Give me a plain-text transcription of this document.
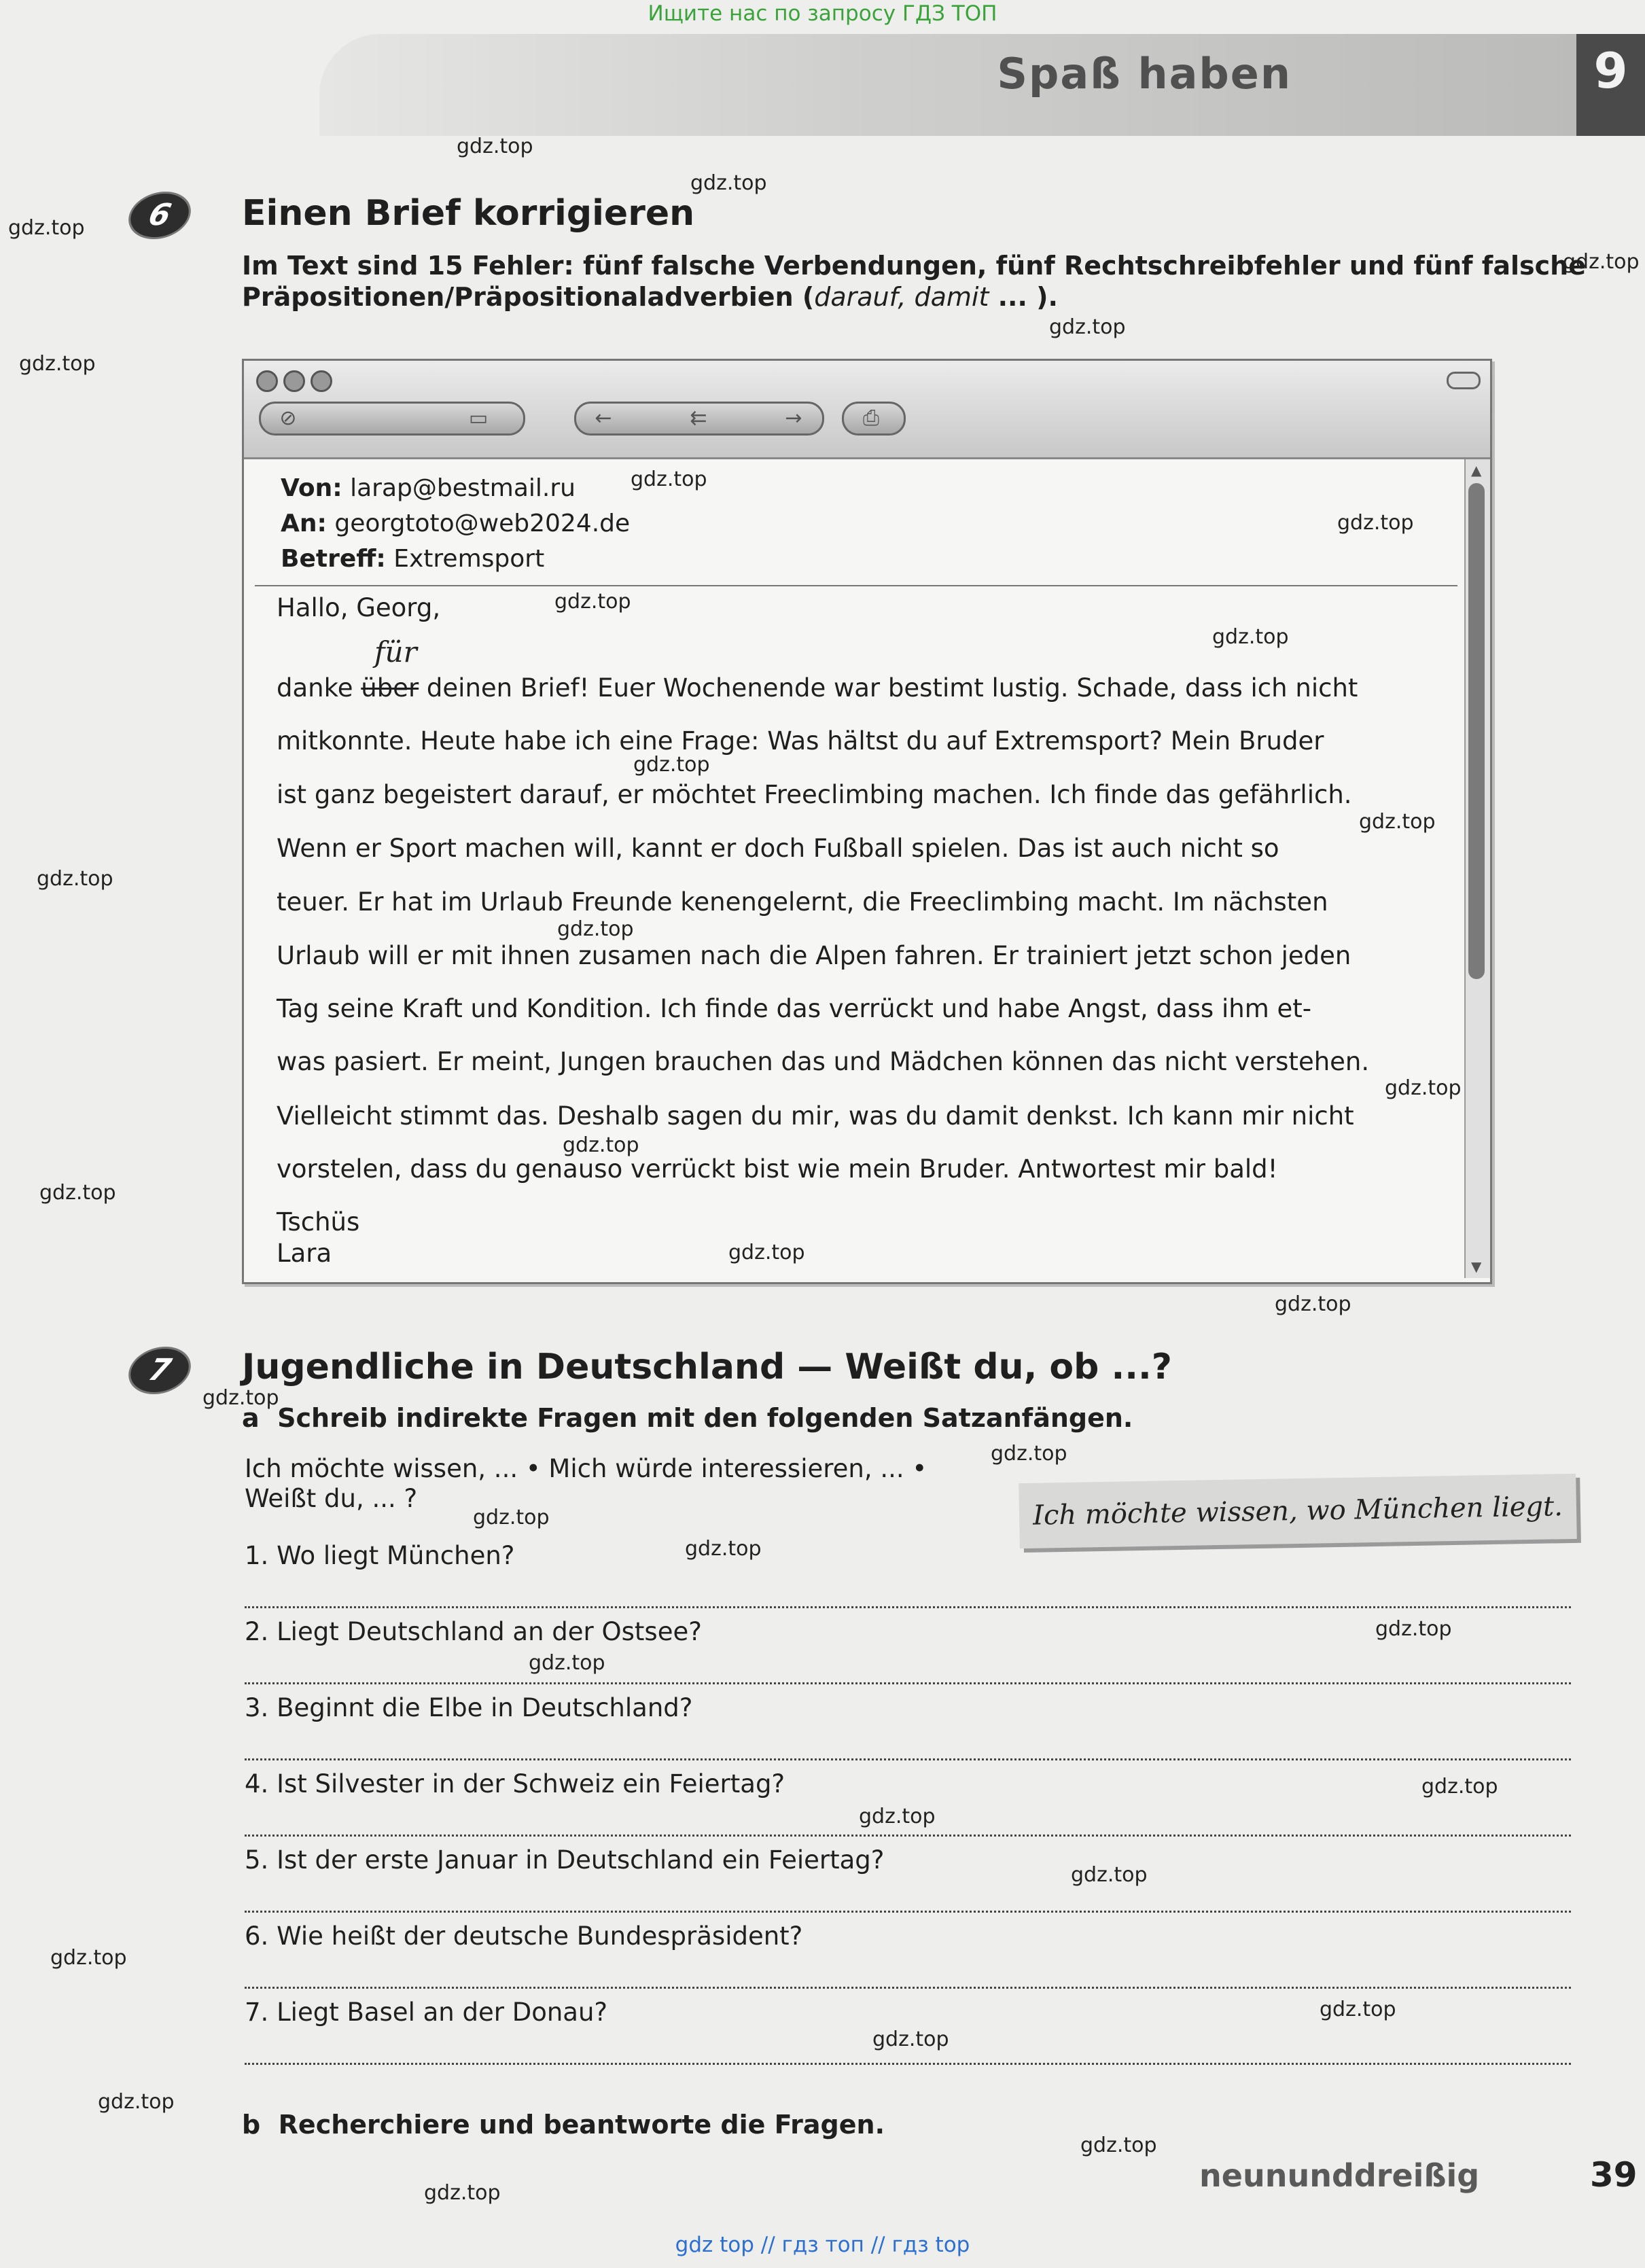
Ищите нас по запросу ГДЗ ТОП
Spaß haben	9
6	Einen Brief korrigieren
Im Text sind 15 Fehler: fünf falsche Verbendungen, fünf Rechtschreibfehler und fünf falsche
Präpositionen/Präpositionaladverbien (darauf, damit ... ).
⊘	▭	←	⇇	→	⎙
Von: larap@bestmail.ru
An: georgtoto@web2024.de
Betreff: Extremsport
Hallo, Georg,
für
danke über deinen Brief! Euer Wochenende war bestimt lustig. Schade, dass ich nicht
mitkonnte. Heute habe ich eine Frage: Was hältst du auf Extremsport? Mein Bruder
ist ganz begeistert darauf, er möchtet Freeclimbing machen. Ich finde das gefährlich.
Wenn er Sport machen will, kannt er doch Fußball spielen. Das ist auch nicht so
teuer. Er hat im Urlaub Freunde kenengelernt, die Freeclimbing macht. Im nächsten
Urlaub will er mit ihnen zusamen nach die Alpen fahren. Er trainiert jetzt schon jeden
Tag seine Kraft und Kondition. Ich finde das verrückt und habe Angst, dass ihm et-
was pasiert. Er meint, Jungen brauchen das und Mädchen können das nicht verstehen.
Vielleicht stimmt das. Deshalb sagen du mir, was du damit denkst. Ich kann mir nicht
vorstelen, dass du genauso verrückt bist wie mein Bruder. Antwortest mir bald!
Tschüs
Lara
▲
▼
7	Jugendliche in Deutschland — Weißt du, ob ...?
a Schreib indirekte Fragen mit den folgenden Satzanfängen.
Ich möchte wissen, ... • Mich würde interessieren, ... •
Weißt du, ... ?	Ich möchte wissen, wo München liegt.
1. Wo liegt München?
2. Liegt Deutschland an der Ostsee?
3. Beginnt die Elbe in Deutschland?
4. Ist Silvester in der Schweiz ein Feiertag?
5. Ist der erste Januar in Deutschland ein Feiertag?
6. Wie heißt der deutsche Bundespräsident?
7. Liegt Basel an der Donau?
b Recherchiere und beantworte die Fragen.
gdz.top
gdz.top
gdz.top
gdz.top
gdz.top
gdz.top
gdz.top
gdz.top
gdz.top
gdz.top
gdz.top
gdz.top
gdz.top
gdz.top
gdz.top
gdz.top
gdz.top
gdz.top
gdz.top
gdz.top
gdz.top
gdz.top
gdz.top
gdz.top
gdz.top
gdz.top
gdz.top
gdz.top
gdz.top
gdz.top
gdz.top
gdz.top
gdz.top
gdz.top	neununddreißig	39
gdz top // гдз топ // гдз top
